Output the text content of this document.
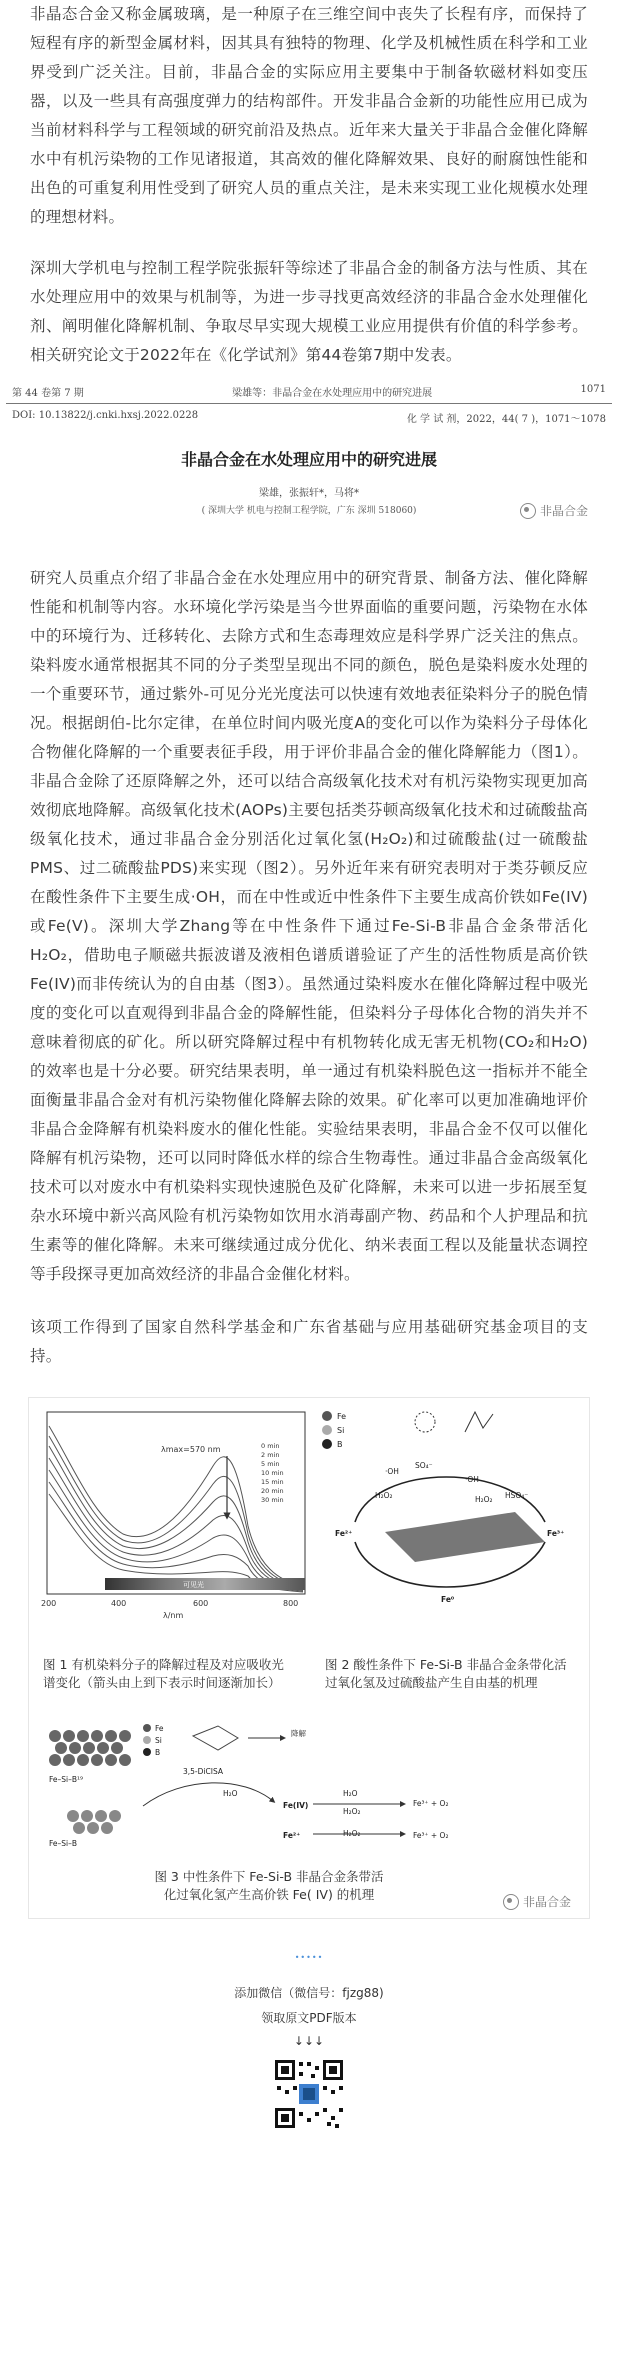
非晶态合金又称金属玻璃，是一种原子在三维空间中丧失了长程有序，而保持了短程有序的新型金属材料，因其具有独特的物理、化学及机械性质在科学和工业界受到广泛关注。目前，非晶合金的实际应用主要集中于制备软磁材料如变压器，以及一些具有高强度弹力的结构部件。开发非晶合金新的功能性应用已成为当前材料科学与工程领域的研究前沿及热点。近年来大量关于非晶合金催化降解水中有机污染物的工作见诸报道，其高效的催化降解效果、良好的耐腐蚀性能和出色的可重复利用性受到了研究人员的重点关注，是未来实现工业化规模水处理的理想材料。
深圳大学机电与控制工程学院张振轩等综述了非晶合金的制备方法与性质、其在水处理应用中的效果与机制等，为进一步寻找更高效经济的非晶合金水处理催化剂、阐明催化降解机制、争取尽早实现大规模工业应用提供有价值的科学参考。相关研究论文于2022年在《化学试剂》第44卷第7期中发表。
第 44 卷第 7 期	梁雄等：非晶合金在水处理应用中的研究进展	1071
DOI: 10.13822/j.cnki.hxsj.2022.0228	化 学 试 剂，2022，44( 7 )，1071～1078
非晶合金在水处理应用中的研究进展
梁雄，张振轩*，马将*
( 深圳大学 机电与控制工程学院，广东 深圳 518060)	非晶合金
研究人员重点介绍了非晶合金在水处理应用中的研究背景、制备方法、催化降解性能和机制等内容。水环境化学污染是当今世界面临的重要问题，污染物在水体中的环境行为、迁移转化、去除方式和生态毒理效应是科学界广泛关注的焦点。染料废水通常根据其不同的分子类型呈现出不同的颜色，脱色是染料废水处理的一个重要环节，通过紫外-可见分光光度法可以快速有效地表征染料分子的脱色情况。根据朗伯-比尔定律，在单位时间内吸光度A的变化可以作为染料分子母体化合物催化降解的一个重要表征手段，用于评价非晶合金的催化降解能力（图1）。非晶合金除了还原降解之外，还可以结合高级氧化技术对有机污染物实现更加高效彻底地降解。高级氧化技术(AOPs)主要包括类芬顿高级氧化技术和过硫酸盐高级氧化技术，通过非晶合金分别活化过氧化氢(H₂O₂)和过硫酸盐(过一硫酸盐PMS、过二硫酸盐PDS)来实现（图2）。另外近年来有研究表明对于类芬顿反应在酸性条件下主要生成·OH，而在中性或近中性条件下主要生成高价铁如Fe(IV)或Fe(V)。深圳大学Zhang等在中性条件下通过Fe-Si-B非晶合金条带活化H₂O₂，借助电子顺磁共振波谱及液相色谱质谱验证了产生的活性物质是高价铁Fe(IV)而非传统认为的自由基（图3）。虽然通过染料废水在催化降解过程中吸光度的变化可以直观得到非晶合金的降解性能，但染料分子母体化合物的消失并不意味着彻底的矿化。所以研究降解过程中有机物转化成无害无机物(CO₂和H₂O)的效率也是十分必要。研究结果表明，单一通过有机染料脱色这一指标并不能全面衡量非晶合金对有机污染物催化降解去除的效果。矿化率可以更加准确地评价非晶合金降解有机染料废水的催化性能。实验结果表明，非晶合金不仅可以催化降解有机污染物，还可以同时降低水样的综合生物毒性。通过非晶合金高级氧化技术可以对废水中有机染料实现快速脱色及矿化降解，未来可以进一步拓展至复杂水环境中新兴高风险有机污染物如饮用水消毒副产物、药品和个人护理品和抗生素等的催化降解。未来可继续通过成分优化、纳米表面工程以及能量状态调控等手段探寻更加高效经济的非晶合金催化材料。
该项工作得到了国家自然科学基金和广东省基础与应用基础研究基金项目的支持。
λmax=570 nm	0 min
2 min
5 min
10 min
15 min
20 min
30 min
可见光
200	400	600	800
λ/nm
Fe
Si
B
·OH
SO₄⁻
H₂O₂
·OH
HSO₄⁻
H₂O₂
Fe²⁺	Fe³⁺
Fe⁰
图 1 有机染料分子的降解过程及对应吸收光谱变化（箭头由上到下表示时间逐渐加长）
图 2 酸性条件下 Fe-Si-B 非晶合金条带化活过氧化氢及过硫酸盐产生自由基的机理
Fe
Si
B
Fe–Si–B¹⁹
Fe–Si–B
3,5-DiCISA
降解
H₂O
Fe(IV)
H₂O
H₂O₂
Fe³⁺ + O₂
Fe²⁺	H₂O₂	Fe³⁺ + O₂
图 3 中性条件下 Fe-Si-B 非晶合金条带活化过氧化氢产生高价铁 Fe( IV) 的机理	非晶合金
•••••
添加微信（微信号：fjzg88)
领取原文PDF版本
↓↓↓
